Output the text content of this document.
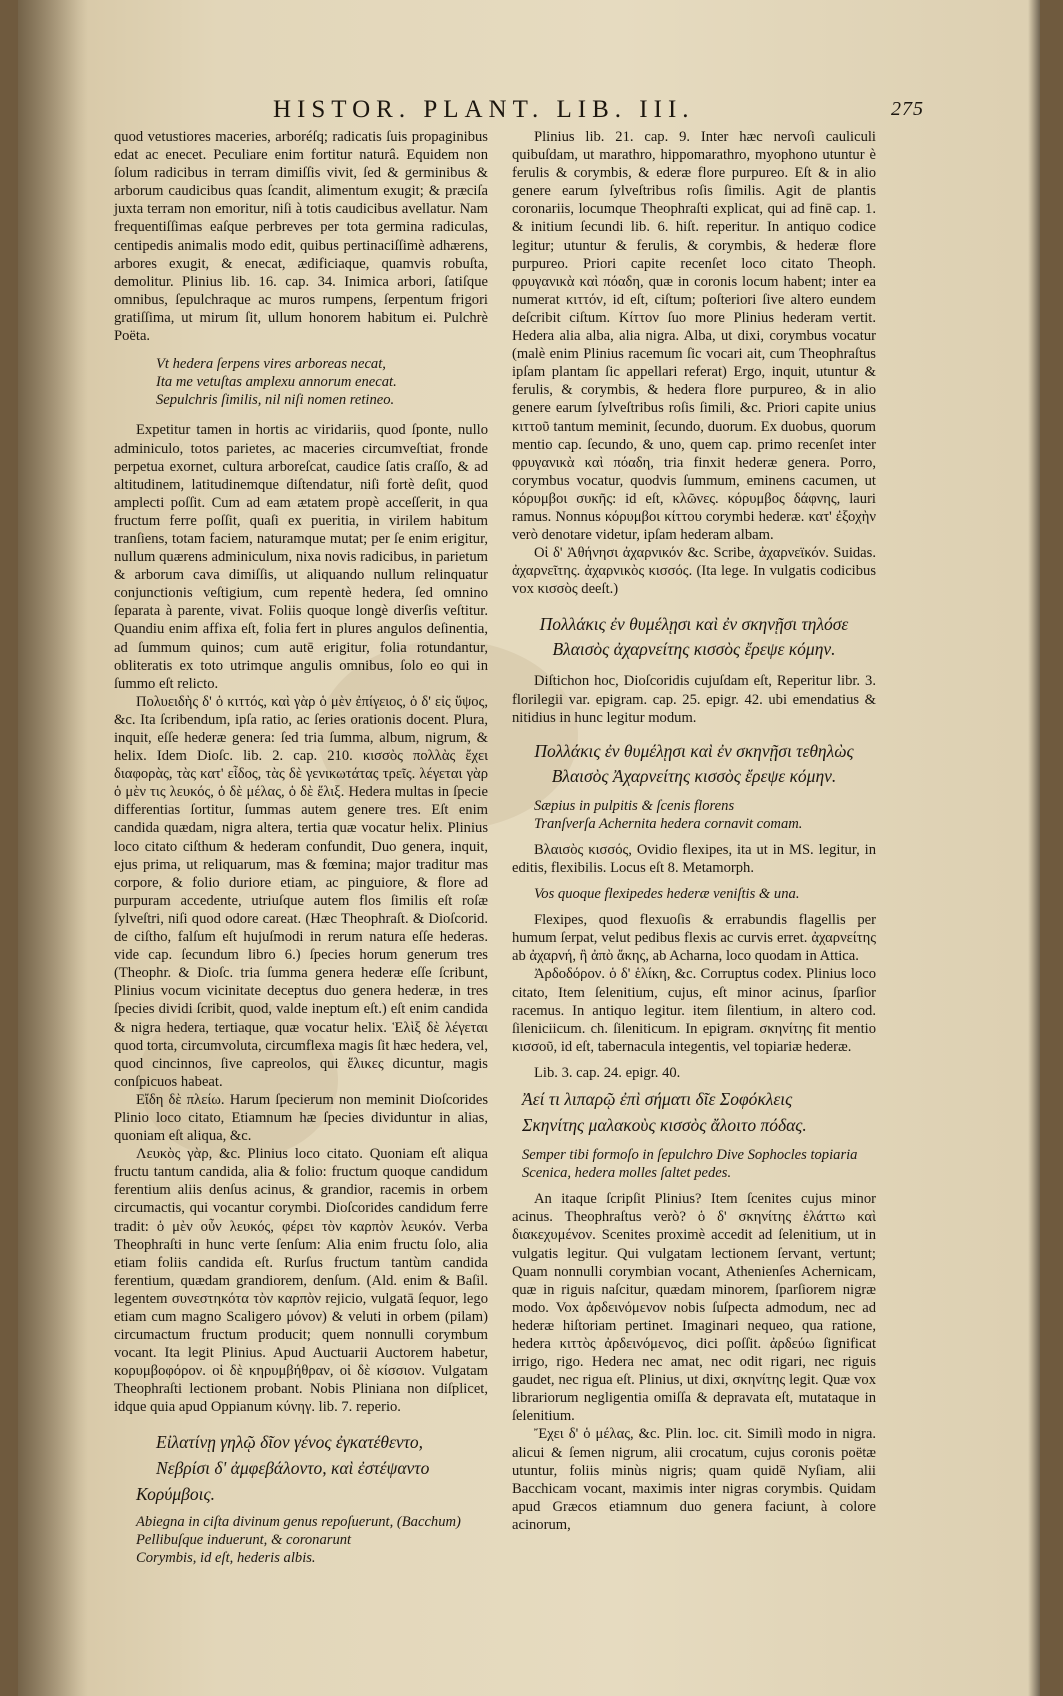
HISTOR. PLANT. LIB. III.	275

quod vetustiores maceries, arboréſq; radicatis ſuis propaginibus edat ac enecet. Peculiare enim fortitur naturâ. Equidem non ſolum radicibus in terram dimiſſis vivit, ſed & germinibus & arborum caudicibus quas ſcandit, alimentum exugit; & præciſa juxta terram non emoritur, niſi à totis caudicibus avellatur. Nam frequentiſſimas eaſque perbreves per tota germina radiculas, centipedis animalis modo edit, quibus pertinaciſſimè adhærens, arbores exugit, & enecat, ædificiaque, quamvis robuſta, demolitur. Plinius lib. 16. cap. 34. Inimica arbori, ſatiſque omnibus, ſepulchraque ac muros rumpens, ſerpentum frigori gratiſſima, ut mirum ſit, ullum honorem habitum ei. Pulchrè Poëta.

Vt hedera ſerpens vires arboreas necat,

Ita me vetuſtas amplexu annorum enecat.

Sepulchris ſimilis, nil niſi nomen retineo.

Expetitur tamen in hortis ac viridariis, quod ſponte, nullo adminiculo, totos parietes, ac maceries circumveſtiat, fronde perpetua exornet, cultura arboreſcat, caudice ſatis craſſo, & ad altitudinem, latitudinemque diſtendatur, niſi fortè deſit, quod amplecti poſſit. Cum ad eam ætatem propè acceſſerit, in qua fructum ferre poſſit, quaſi ex pueritia, in virilem habitum tranſiens, totam faciem, naturamque mutat; per ſe enim erigitur, nullum quærens adminiculum, nixa novis radicibus, in parietum & arborum cava dimiſſis, ut aliquando nullum relinquatur conjunctionis veſtigium, cum repentè hedera, ſed omnino ſeparata à parente, vivat. Foliis quoque longè diverſis veſtitur. Quandiu enim affixa eſt, folia fert in plures angulos deſinentia, ad ſummum quinos; cum autē erigitur, folia rotundantur, obliteratis ex toto utrimque angulis omnibus, ſolo eo qui in ſummo eſt relicto.

Πολυειδὴς δ' ὁ κιττός, καὶ γὰρ ὁ μὲν ἐπίγειος, ὁ δ' εἰς ὕψος, &c. Ita ſcribendum, ipſa ratio, ac ſeries orationis docent. Plura, inquit, eſſe hederæ genera: ſed tria ſumma, album, nigrum, & helix. Idem Dioſc. lib. 2. cap. 210. κισσὸς πολλὰς ἔχει διαφορὰς, τὰς κατ' εἶδος, τὰς δὲ γενικωτάτας τρεῖς. λέγεται γὰρ ὁ μὲν τις λευκός, ὁ δὲ μέλας, ὁ δὲ ἕλιξ. Hedera multas in ſpecie differentias ſortitur, ſummas autem genere tres. Eſt enim candida quædam, nigra altera, tertia quæ vocatur helix. Plinius loco citato ciſthum & hederam confundit, Duo genera, inquit, ejus prima, ut reliquarum, mas & fœmina; major traditur mas corpore, & folio duriore etiam, ac pinguiore, & flore ad purpuram accedente, utriuſque autem flos ſimilis eſt roſæ ſylveſtri, niſi quod odore careat. (Hæc Theophraſt. & Dioſcorid. de ciſtho, falſum eſt hujuſmodi in rerum natura eſſe hederas. vide cap. ſecundum libro 6.) ſpecies horum generum tres (Theophr. & Dioſc. tria ſumma genera hederæ eſſe ſcribunt, Plinius vocum vicinitate deceptus duo genera hederæ, in tres ſpecies dividi ſcribit, quod, valde ineptum eſt.) eſt enim candida & nigra hedera, tertiaque, quæ vocatur helix. Ἑλὶξ δὲ λέγεται quod torta, circumvoluta, circumflexa magis ſit hæc hedera, vel, quod cincinnos, ſive capreolos, qui ἕλικες dicuntur, magis conſpicuos habeat.

Εἴδη δὲ πλείω. Harum ſpecierum non meminit Dioſcorides Plinio loco citato, Etiamnum hæ ſpecies dividuntur in alias, quoniam eſt aliqua, &c.

Λευκὸς γὰρ, &c. Plinius loco citato. Quoniam eſt aliqua fructu tantum candida, alia & folio: fructum quoque candidum ferentium aliis denſus acinus, & grandior, racemis in orbem circumactis, qui vocantur corymbi. Dioſcorides candidum ferre tradit: ὁ μὲν οὖν λευκός, φέρει τὸν καρπὸν λευκόν. Verba Theophraſti in hunc verte ſenſum: Alia enim fructu ſolo, alia etiam foliis candida eſt. Rurſus fructum tantùm candida ferentium, quædam grandiorem, denſum. (Ald. enim & Baſil. legentem συνεστηκότα τὸν καρπὸν rejicio, vulgatā ſequor, lego etiam cum magno Scaligero μόνον) & veluti in orbem (pilam) circumactum fructum producit; quem nonnulli corymbum vocant. Ita legit Plinius. Apud Auctuarii Auctorem habetur, κορυμβοφόρον. οἱ δὲ κηρυμβήθραν, οἱ δὲ κίσσιον. Vulgatam Theophraſti lectionem probant. Nobis Pliniana non diſplicet, idque quia apud Oppianum κύνηγ. lib. 7. reperio.

Εἰλατίνῃ γηλῷ δῖον γένος ἐγκατέθεντο,

Νεβρίσι δ' ἀμφεβάλοντο, καὶ ἐστέψαντο

Κορύμβοις.

Abiegna in ciſta divinum genus repoſuerunt, (Bacchum)

Pellibuſque induerunt, & coronarunt

Corymbis, id eſt, hederis albis.

Plinius lib. 21. cap. 9. Inter hæc nervoſi cauliculi quibuſdam, ut marathro, hippomarathro, myophono utuntur è ferulis & corymbis, & ederæ flore purpureo. Eſt & in alio genere earum ſylveſtribus roſis ſimilis. Agit de plantis coronariis, locumque Theophraſti explicat, qui ad finē cap. 1. & initium ſecundi lib. 6. hiſt. reperitur. In antiquo codice legitur; utuntur & ferulis, & corymbis, & hederæ flore purpureo. Priori capite recenſet loco citato Theoph. φρυγανικὰ καὶ πόαδη, quæ in coronis locum habent; inter ea numerat κιττόν, id eſt, ciſtum; poſteriori ſive altero eundem deſcribit ciſtum. Κίττον ſuo more Plinius hederam vertit. Hedera alia alba, alia nigra. Alba, ut dixi, corymbus vocatur (malè enim Plinius racemum ſic vocari ait, cum Theophraſtus ipſam plantam ſic appellari referat) Ergo, inquit, utuntur & ferulis, & corymbis, & hedera flore purpureo, & in alio genere earum ſylveſtribus roſis ſimili, &c. Priori capite unius κιττοῦ tantum meminit, ſecundo, duorum. Ex duobus, quorum mentio cap. ſecundo, & uno, quem cap. primo recenſet inter φρυγανικὰ καὶ πόαδη, tria finxit hederæ genera. Porro, corymbus vocatur, quodvis ſummum, eminens cacumen, ut κόρυμβοι συκῆς: id eſt, κλῶνες. κόρυμβος δάφνης, lauri ramus. Nonnus κόρυμβοι κίττου corymbi hederæ. κατ' ἐξοχὴν verò denotare videtur, ipſam hederam albam.

Οἱ δ' Ἀθήνησι ἀχαρνικόν &c. Scribe, ἀχαρνεϊκόν. Suidas. ἀχαρνεῖτης. ἀχαρνικὸς κισσός. (Ita lege. In vulgatis codicibus vox κισσὸς deeſt.)

Πολλάκις ἐν θυμέλῃσι καὶ ἐν σκηνῇσι τηλόσε

Βλαισὸς ἀχαρνείτης κισσὸς ἔρεψε κόμην.

Diſtichon hoc, Dioſcoridis cujuſdam eſt, Reperitur libr. 3. florilegii var. epigram. cap. 25. epigr. 42. ubi emendatius & nitidius in hunc legitur modum.

Πολλάκις ἐν θυμέλῃσι καὶ ἐν σκηνῇσι τεθηλὼς

Βλαισὸς Ἀχαρνείτης κισσὸς ἔρεψε κόμην.

Sæpius in pulpitis & ſcenis florens

Tranſverſa Achernita hedera cornavit comam.

Βλαισὸς κισσός, Ovidio flexipes, ita ut in MS. legitur, in editis, flexibilis. Locus eſt 8. Metamorph.

Vos quoque flexipedes hederæ veniſtis & una.

Flexipes, quod flexuoſis & errabundis flagellis per humum ſerpat, velut pedibus flexis ac curvis erret. ἀχαρνείτης ab ἀχαρνή, ἢ ἀπὸ ἄκης, ab Acharna, loco quodam in Attica.

Ἀρδοδόρον. ὁ δ' ἑλίκη, &c. Corruptus codex. Plinius loco citato, Item ſelenitium, cujus, eſt minor acinus, ſparſior racemus. In antiquo legitur. item ſilentium, in altero cod. ſileniciicum. ch. ſileniticum. In epigram. σκηνίτης fit mentio κισσοῦ, id eſt, tabernacula integentis, vel topiariæ hederæ.

Lib. 3. cap. 24. epigr. 40.

Ἀεί τι λιπαρῷ ἐπὶ σήματι δῖε Σοφόκλεις

Σκηνίτης μαλακοὺς κισσὸς ἄλοιτο πόδας.

Semper tibi formoſo in ſepulchro Dive Sophocles topiaria

Scenica, hedera molles ſaltet pedes.

An itaque ſcripſit Plinius? Item ſcenites cujus minor acinus. Theophraſtus verò? ὁ δ' σκηνίτης ἐλάττω καὶ διακεχυμένον. Scenites proximè accedit ad ſelenitium, ut in vulgatis legitur. Qui vulgatam lectionem ſervant, vertunt; Quam nonnulli corymbian vocant, Athenienſes Achernicam, quæ in riguis naſcitur, quædam minorem, ſparſiorem nigræ modo. Vox ἀρδεινόμενον nobis ſuſpecta admodum, nec ad hederæ hiſtoriam pertinet. Imaginari nequeo, qua ratione, hedera κιττὸς ἀρδεινόμενος, dici poſſit. ἀρδεύω ſignificat irrigo, rigo. Hedera nec amat, nec odit rigari, nec riguis gaudet, nec rigua eſt. Plinius, ut dixi, σκηνίτης legit. Quæ vox librariorum negligentia omiſſa & depravata eſt, mutataque in ſelenitium.

Ἔχει δ' ὁ μέλας, &c. Plin. loc. cit. Similì modo in nigra. alicui & ſemen nigrum, alii crocatum, cujus coronis poëtæ utuntur, foliis minùs nigris; quam quidē Nyſiam, alii Bacchicam vocant, maximis inter nigras corymbis. Quidam apud Græcos etiamnum duo genera faciunt, à colore acinorum,
